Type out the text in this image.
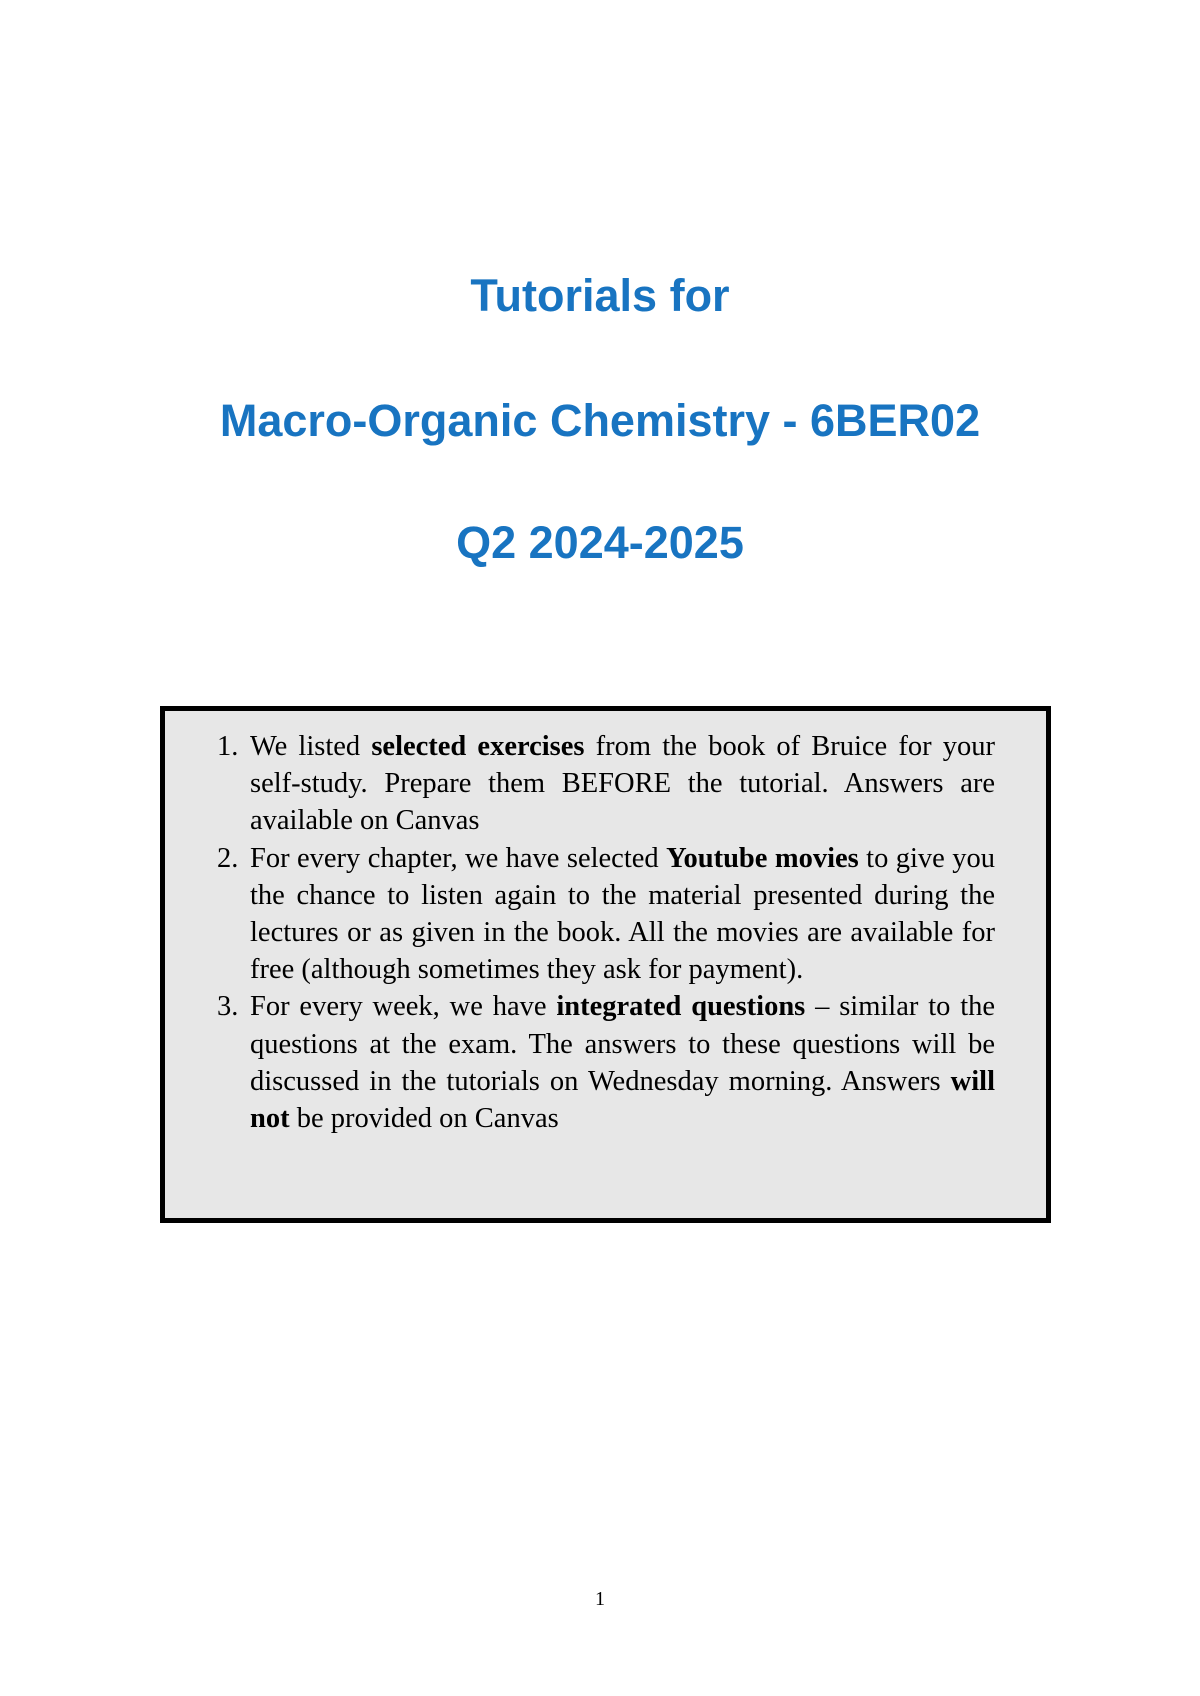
Tutorials for
Macro-Organic Chemistry - 6BER02
Q2 2024-2025
1. We listed selected exercises from the book of Bruice for your self-study. Prepare them BEFORE the tutorial. Answers are available on Canvas
2. For every chapter, we have selected Youtube movies to give you the chance to listen again to the material presented during the lectures or as given in the book. All the movies are available for free (although sometimes they ask for payment).
3. For every week, we have integrated questions – similar to the questions at the exam. The answers to these questions will be discussed in the tutorials on Wednesday morning. Answers will not be provided on Canvas
1
